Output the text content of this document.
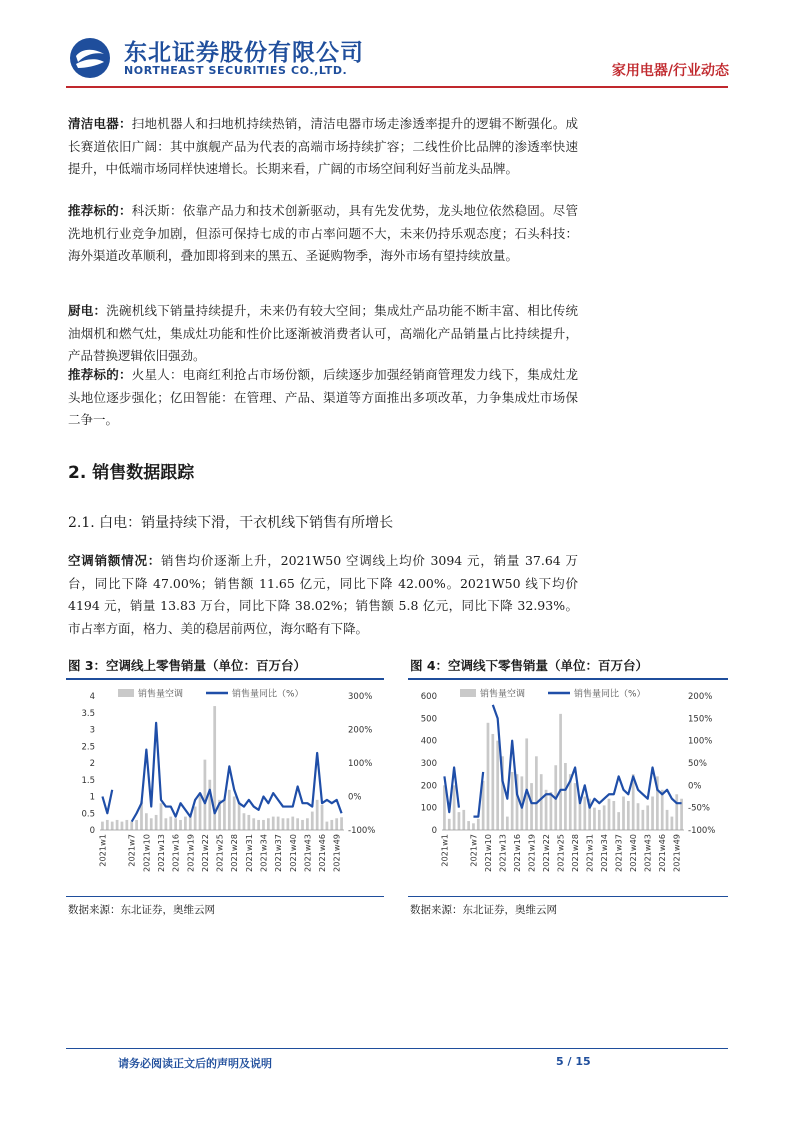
东北证券股份有限公司
NORTHEAST SECURITIES CO.,LTD.	家用电器/行业动态
清洁电器：扫地机器人和扫地机持续热销，清洁电器市场走渗透率提升的逻辑不断强化。成长赛道依旧广阔：其中旗舰产品为代表的高端市场持续扩容；二线性价比品牌的渗透率快速提升，中低端市场同样快速增长。长期来看，广阔的市场空间利好当前龙头品牌。
推荐标的：科沃斯：依靠产品力和技术创新驱动，具有先发优势，龙头地位依然稳固。尽管洗地机行业竞争加剧，但添可保持七成的市占率问题不大，未来仍持乐观态度；石头科技：海外渠道改革顺利，叠加即将到来的黑五、圣诞购物季，海外市场有望持续放量。
厨电：洗碗机线下销量持续提升，未来仍有较大空间；集成灶产品功能不断丰富、相比传统油烟机和燃气灶，集成灶功能和性价比逐渐被消费者认可，高端化产品销量占比持续提升，产品替换逻辑依旧强劲。
推荐标的：火星人：电商红利抢占市场份额，后续逐步加强经销商管理发力线下，集成灶龙头地位逐步强化；亿田智能：在管理、产品、渠道等方面推出多项改革，力争集成灶市场保二争一。
2. 销售数据跟踪
2.1. 白电：销量持续下滑，干衣机线下销售有所增长
空调销额情况：销售均价逐渐上升，2021W50 空调线上均价 3094 元，销量 37.64 万台，同比下降 47.00%；销售额 11.65 亿元，同比下降 42.00%。2021W50 线下均价 4194 元，销量 13.83 万台，同比下降 38.02%；销售额 5.8 亿元，同比下降 32.93%。市占率方面，格力、美的稳居前两位，海尔略有下降。
图 3：空调线上零售销量（单位：百万台）
0
0.5
1
1.5
2
2.5
3
3.5
4
-100%
0%
100%
200%
300%
2021w1 2021w7 2021w10 2021w13 2021w16 2021w19 2021w22 2021w25 2021w28 2021w31 2021w34 2021w37 2021w40 2021w43 2021w46 2021w49
销售量空调	销售量同比（%）
数据来源：东北证券，奥维云网
图 4：空调线下零售销量（单位：百万台）
0
100
200
300
400
500
600
-100%
-50%
0%
50%
100%
150%
200%
2021w1 2021w7 2021w10 2021w13 2021w16 2021w19 2021w22 2021w25 2021w28 2021w31 2021w34 2021w37 2021w40 2021w43 2021w46 2021w49
销售量空调	销售量同比（%）
数据来源：东北证券，奥维云网
请务必阅读正文后的声明及说明	5 / 15
